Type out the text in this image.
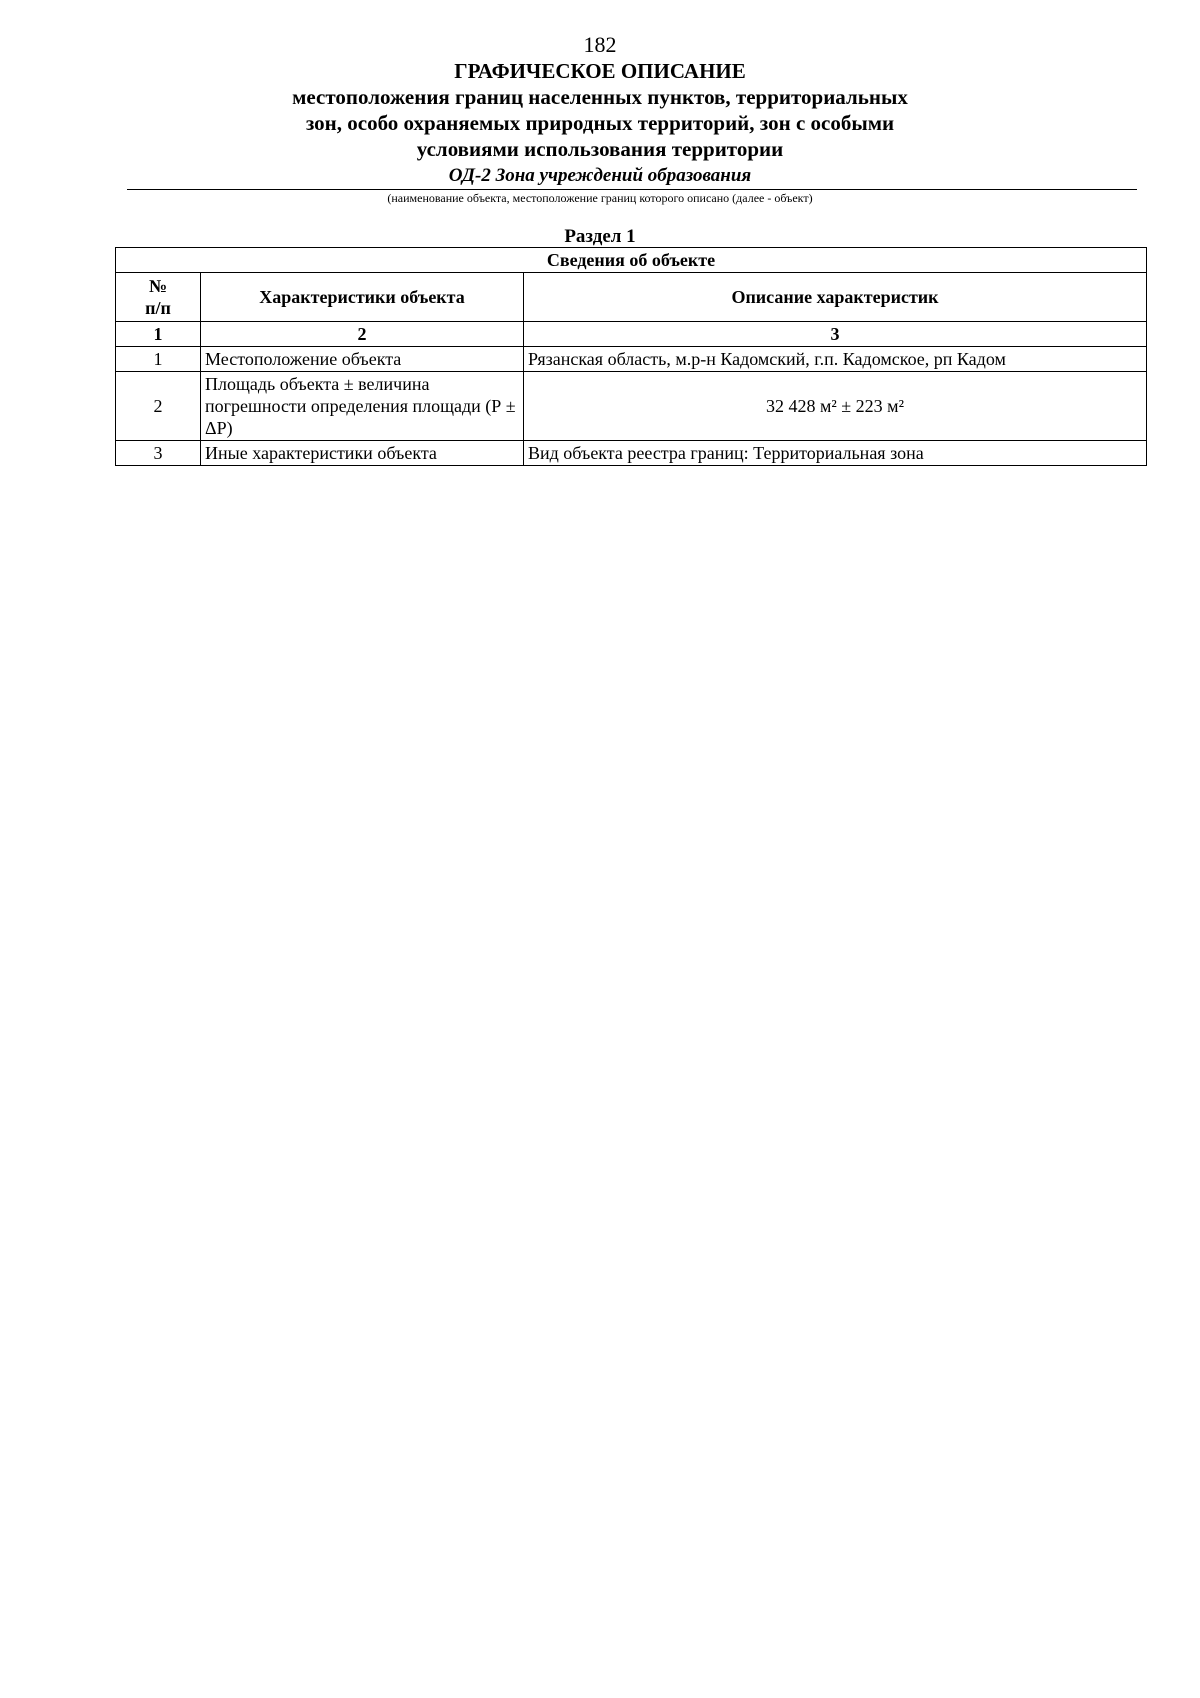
182
ГРАФИЧЕСКОЕ ОПИСАНИЕ
местоположения границ населенных пунктов, территориальных
зон, особо охраняемых природных территорий, зон с особыми
условиями использования территории
ОД-2 Зона учреждений образования
(наименование объекта, местоположение границ которого описано (далее - объект)
Раздел 1
Сведения об объекте		

№
п/п	Характеристики объекта	Описание характеристик
1	2	3
1	Местоположение объекта	Рязанская область, м.р-н Кадомский, г.п. Кадомское, рп Кадом
2	Площадь объекта ± величина погрешности определения площади (Р ± ΔР)	32 428 м² ± 223 м²
3	Иные характеристики объекта	Вид объекта реестра границ: Территориальная зона
